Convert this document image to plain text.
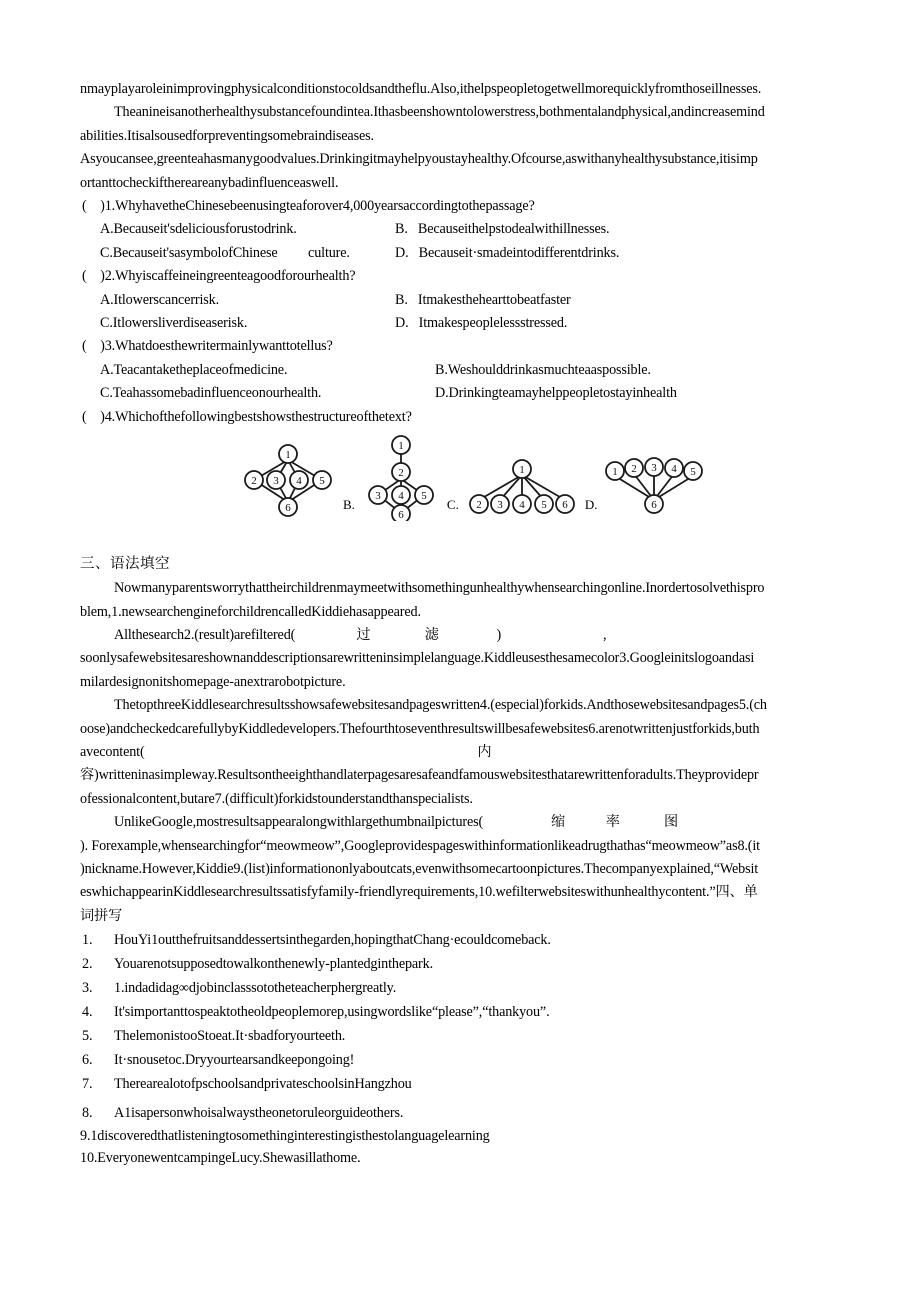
nmayplayaroleinimprovingphysicalconditionstocoldsandtheflu.Also,ithelpspeopletogetwellmorequicklyfromthoseillnesses.
Theanineisanotherhealthysubstancefoundintea.Ithasbeenshowntolowerstress,bothmentalandphysical,andincreasemind
abilities.Itisalsousedforpreventingsomebraindiseases.
Asyoucansee,greenteahasmanygoodvalues.Drinkingitmayhelpyoustayhealthy.Ofcourse,aswithanyhealthysubstance,itisimp
ortanttocheckifthereareanybadinfluenceaswell.
(    )1.WhyhavetheChinesebeenusingteaforover4,000yearsaccordingtothepassage?
A.Becauseit'sdeliciousforustodrink.	B.   Becauseithelpstodealwithillnesses.
C.Becauseit'sasymbolofChinese         culture.	D.   Becauseit·smadeintodifferentdrinks.
(    )2.Whyiscaffeineingreenteagoodforourhealth?
A.Itlowerscancerrisk.	B.   Itmakesthehearttobeatfaster
C.Itlowersliverdiseaserisk.	D.   Itmakespeoplelessstressed.
(    )3.Whatdoesthewritermainlywanttotellus?
A.Teacantaketheplaceofmedicine.	B.Weshoulddrinkasmuchteaaspossible.
C.Teahassomebadinfluenceonourhealth.	D.Drinkingteamayhelppeopletostayinhealth
(    )4.Whichofthefollowingbestshowsthestructureofthetext?
1
2 3 4 5
6	B.
1
2
3 4 5
6
C.
1
2 3 4 5 6	D.
1 2 3 4 5
6
三、语法填空
Nowmanyparentsworrythattheirchildrenmaymeetwithsomethingunhealthywhensearchingonline.Inordertosolvethispro
blem,1.newsearchengineforchildrencalledKiddiehasappeared.
Allthesearch2.(result)arefiltered(                  过                滤                 )                              ,
soonlysafewebsitesareshownanddescriptionsarewritteninsimplelanguage.Kiddleusesthesamecolor3.Googleinitslogoandasi
milardesignonitshomepage-anextrarobotpicture.
ThetopthreeKiddlesearchresultsshowsafewebsitesandpageswritten4.(especial)forkids.Andthosewebsitesandpages5.(ch
oose)andcheckedcarefullybyKiddledevelopers.Thefourthtoseventhresultswillbesafewebsites6.arenotwrittenjustforkids,buth
avecontent(                                                                                                  内
容)writteninasimpleway.Resultsontheeighthandlaterpagesaresafeandfamouswebsitesthatarewrittenforadults.Theyprovidepr
ofessionalcontent,butare7.(difficult)forkidstounderstandthanspecialists.
UnlikeGoogle,mostresultsappearalongwithlargethumbnailpictures(                    缩            率             图
). Forexample,whensearchingfor“meowmeow”,Googleprovidespageswithinformationlikeadrugthathas“meowmeow”as8.(it
)nickname.However,Kiddie9.(list)informationonlyaboutcats,evenwithsomecartoonpictures.Thecompanyexplained,“Websit
eswhichappearinKiddlesearchresultssatisfyfamily-friendlyrequirements,10.wefilterwebsiteswithunhealthycontent.”四、单
词拼写
1.	HouYi1outthefruitsanddessertsinthegarden,hopingthatChang·ecouldcomeback.
2.	Youarenotsupposedtowalkonthenewly-plantedginthepark.
3.	1.indadidag∞djobinclasssototheteacherphergreatly.
4.	It'simportanttospeaktotheoldpeoplemorep,usingwordslike“please”,“thankyou”.
5.	ThelemonistooStoeat.It·sbadforyourteeth.
6.	It·snousetoc.Dryyourtearsandkeepongoing!
7.	TherearealotofpschoolsandprivateschoolsinHangzhou
8.	A1isapersonwhoisalwaystheonetoruleorguideothers.
9.1discoveredthatlisteningtosomethinginterestingisthestolanguagelearning
10.EveryonewentcampingeLucy.Shewasillathome.
